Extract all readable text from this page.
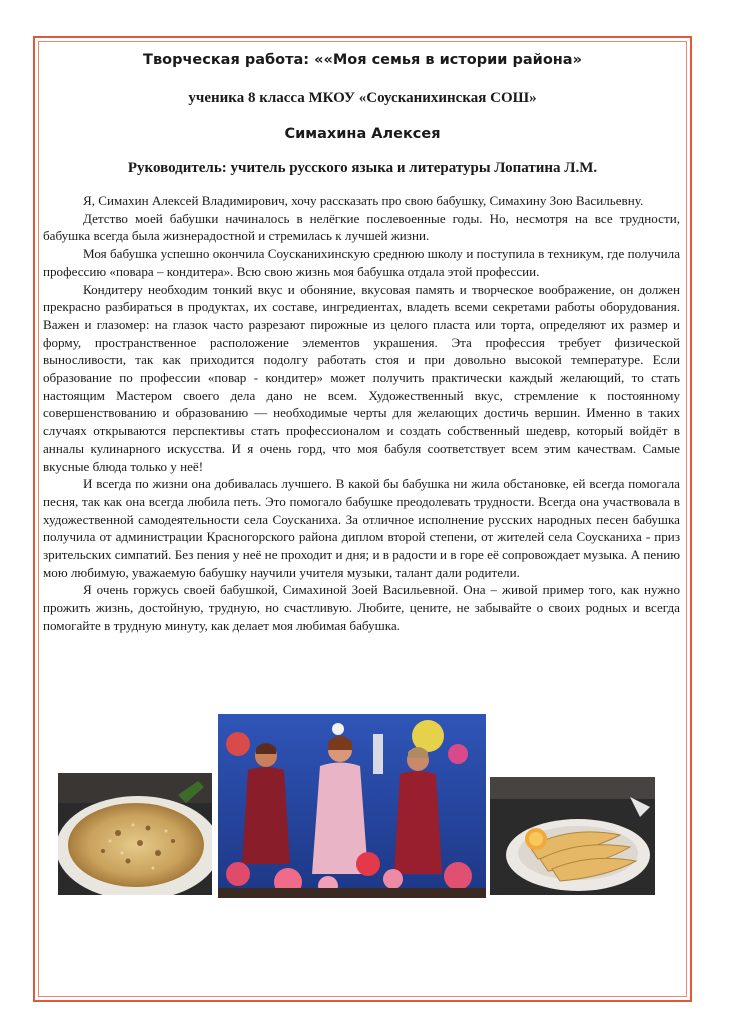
Творческая работа: ««Моя семья в истории района»
ученика 8 класса МКОУ «Соусканихинская СОШ»
Симахина Алексея
Руководитель: учитель русского языка и литературы Лопатина Л.М.

Я, Симахин Алексей Владимирович, хочу рассказать про свою бабушку, Симахину Зою Васильевну.

Детство моей бабушки начиналось в нелёгкие послевоенные годы. Но, несмотря на все трудности, бабушка всегда была жизнерадостной и стремилась к лучшей жизни.

Моя бабушка успешно окончила Соусканихинскую среднюю школу и поступила в техникум, где получила профессию «повара – кондитера». Всю свою жизнь моя бабушка отдала этой профессии.

Кондитеру необходим тонкий вкус и обоняние, вкусовая память и творческое воображение, он должен прекрасно разбираться в продуктах, их составе, ингредиентах, владеть всеми секретами работы оборудования. Важен и глазомер: на глазок часто разрезают пирожные из целого пласта или торта, определяют их размер и форму, пространственное расположение элементов украшения. Эта профессия требует физической выносливости, так как приходится подолгу работать стоя и при довольно высокой температуре. Если образование по профессии «повар - кондитер» может получить практически каждый желающий, то стать настоящим Мастером своего дела дано не всем. Художественный вкус, стремление к постоянному совершенствованию и образованию — необходимые черты для желающих достичь вершин. Именно в таких случаях открываются перспективы стать профессионалом и создать собственный шедевр, который войдёт в анналы кулинарного искусства. И я очень горд, что моя бабуля соответствует всем этим качествам. Самые вкусные блюда только у неё!

И всегда по жизни она добивалась лучшего. В какой бы бабушка ни жила обстановке, ей всегда помогала песня, так как она всегда любила петь. Это помогало бабушке преодолевать трудности. Всегда она участвовала в художественной самодеятельности села Соусканиха. За отличное исполнение русских народных песен бабушка получила от администрации Красногорского района диплом второй степени, от жителей села Соусканиха - приз зрительских симпатий. Без пения у неё не проходит и дня; и в радости и в горе её сопровождает музыка. А пению мою любимую, уважаемую бабушку научили учителя музыки, талант дали родители.

Я очень горжусь своей бабушкой, Симахиной Зоей Васильевной. Она – живой пример того, как нужно прожить жизнь, достойную, трудную, но счастливую. Любите, цените, не забывайте о своих родных и всегда помогайте в трудную минуту, как делает моя любимая бабушка.
